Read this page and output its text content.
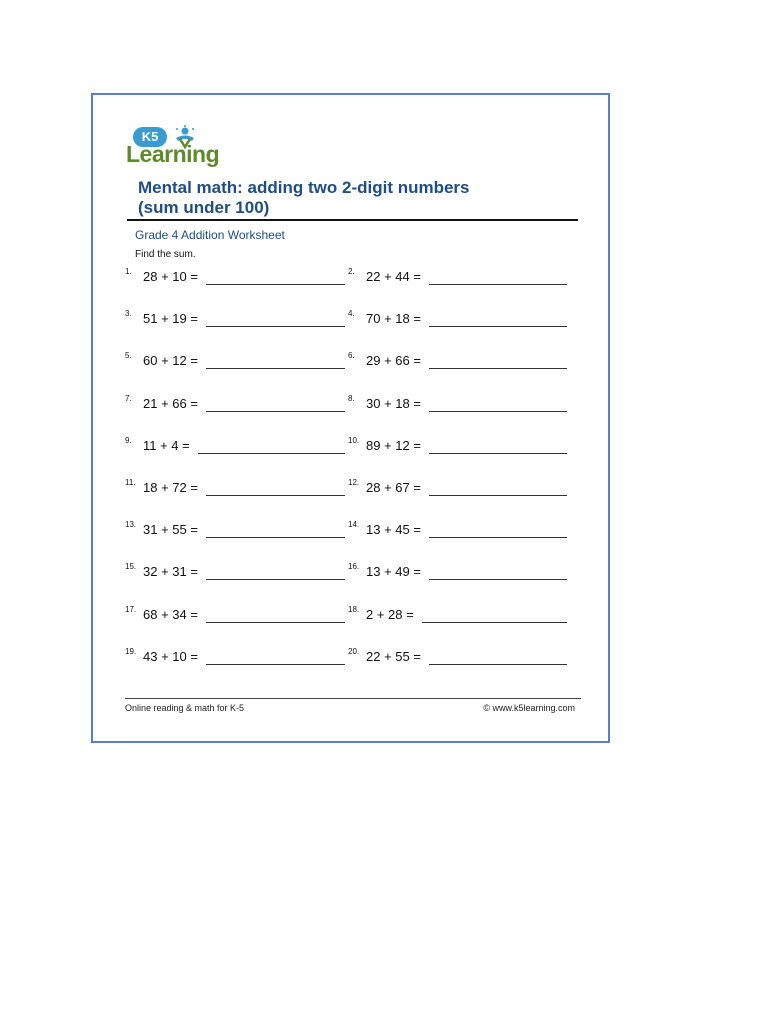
K5
Learning
Mental math: adding two 2-digit numbers
(sum under 100)
Grade 4 Addition Worksheet
Find the sum.
1. 28 + 10 =	2. 22 + 44 =
3. 51 + 19 =	4. 70 + 18 =
5. 60 + 12 =	6. 29 + 66 =
7. 21 + 66 =	8. 30 + 18 =
9. 11 + 4 =	10. 89 + 12 =
11. 18 + 72 =	12. 28 + 67 =
13. 31 + 55 =	14. 13 + 45 =
15. 32 + 31 =	16. 13 + 49 =
17. 68 + 34 =	18. 2 + 28 =
19. 43 + 10 =	20. 22 + 55 =
Online reading & math for K-5	© www.k5learning.com
